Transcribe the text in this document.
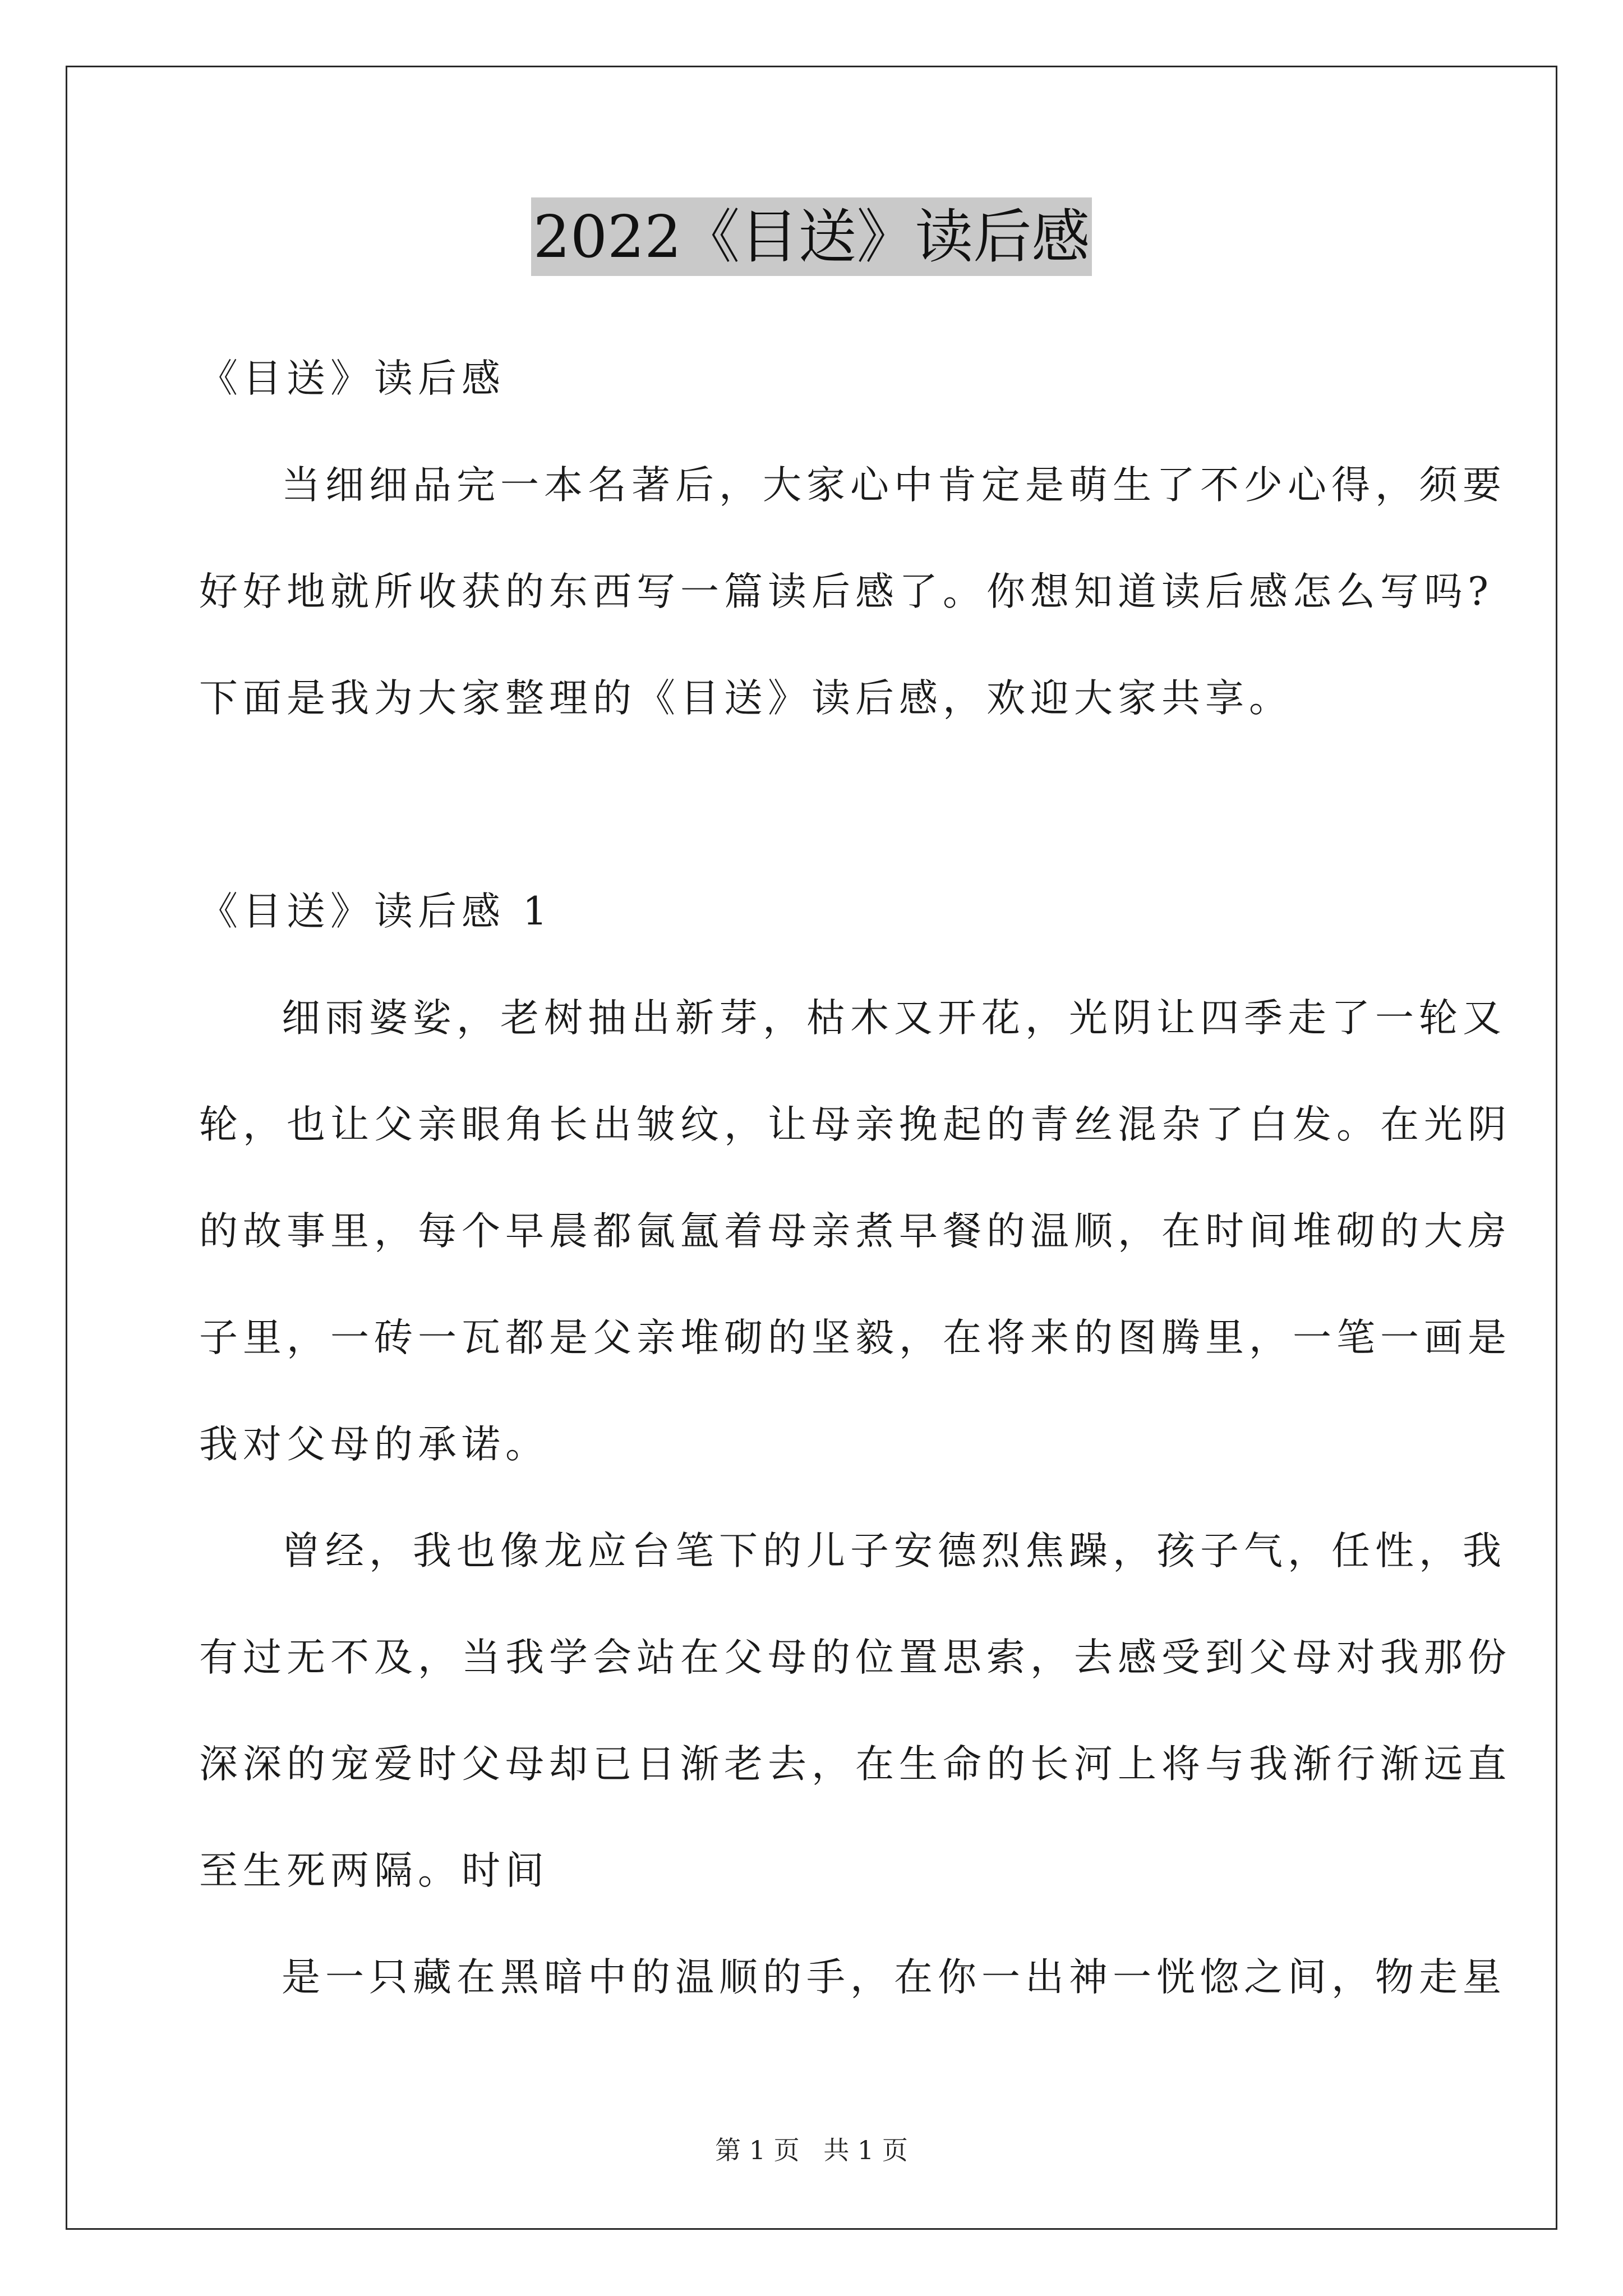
2022《目送》读后感
《目送》读后感
当细细品完一本名著后，大家心中肯定是萌生了不少心得，须要
好好地就所收获的东西写一篇读后感了。你想知道读后感怎么写吗?
下面是我为大家整理的《目送》读后感，欢迎大家共享。
《目送》读后感 1
细雨婆娑，老树抽出新芽，枯木又开花，光阴让四季走了一轮又
轮，也让父亲眼角长出皱纹，让母亲挽起的青丝混杂了白发。在光阴
的故事里，每个早晨都氤氲着母亲煮早餐的温顺，在时间堆砌的大房
子里，一砖一瓦都是父亲堆砌的坚毅，在将来的图腾里，一笔一画是
我对父母的承诺。
曾经，我也像龙应台笔下的儿子安德烈焦躁，孩子气，任性，我
有过无不及，当我学会站在父母的位置思索，去感受到父母对我那份
深深的宠爱时父母却已日渐老去，在生命的长河上将与我渐行渐远直
至生死两隔。时间
是一只藏在黑暗中的温顺的手，在你一出神一恍惚之间，物走星
第 1 页 共 1 页
